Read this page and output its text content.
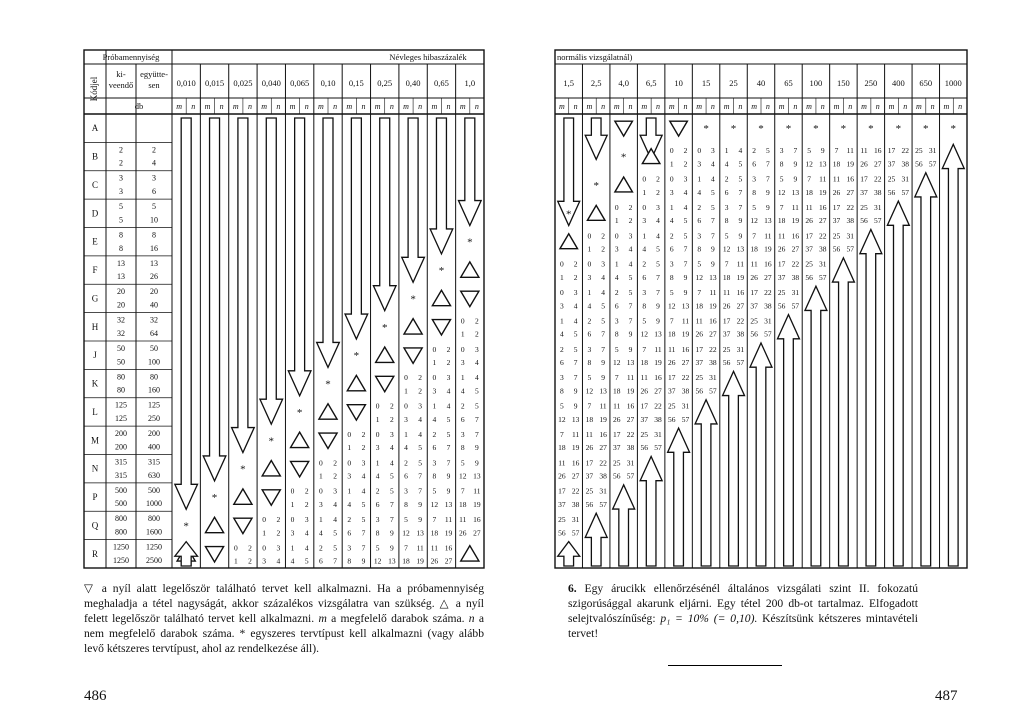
Próbamennyiség	Névleges hibaszázalék
Kódjel
ki-
veendő
együtte-
sen
db
0,010 0,015 0,025 0,040 0,065 0,10 0,15 0,25 0,40 0,65 1,0
m n m n m n m n m n m n m n m n m n m n m n
A
B
2
2
2
4
C
3
3
3
6
D
5
5
5
10
E
8
8
8
16
F
13
13
13
26
G
20
20
20
40
H
32
32
32
64
J
50
50
50
100
K
80
80
80
160
L
125
125
125
250
M
200
200
200
400
N
315
315
315
630
P
500
500
500
1000
Q
800
800
800
1600
R
1250
1250
1250
2500
*
*
*
0 2
1 2
*
0 2
1 2
0 3
3 4
*
0 2
1 2
0 3
3 4
1 4
4 5
*
0 2
1 2
0 3
3 4
1 4
4 5
2 5
6 7
*
0 2
1 2
0 3
3 4
1 4
4 5
2 5
6 7
3 7
8 9
*
0 2
1 2
0 3
3 4
1 4
4 5
2 5
6 7
3 7
8 9
5 9
12 13
*
0 2
1 2
0 3
3 4
1 4
4 5
2 5
6 7
3 7
8 9
5 9
12 13
7 11
18 19
*
0 2
1 2
0 3
3 4
1 4
4 5
2 5
6 7
3 7
8 9
5 9
12 13
7 11
18 19
11 16
26 27
*
0 2
1 2
0 3
3 4
1 4
4 5
2 5
6 7
3 7
8 9
5 9
12 13
7 11
18 19
11 16
26 27
▽ a nyíl alatt legelőször található tervet kell alkalmazni. Ha a próbamennyiség meghaladja a tétel nagyságát, akkor százalékos vizsgálatra van szükség. △ a nyíl felett legelőször található tervet kell alkalmazni. m a megfelelő darabok száma. n a nem megfelelő darabok száma. * egyszeres tervtípust kell alkalmazni (vagy alább levő kétszeres tervtípust, ahol az rendelkezése áll).
486
normális vizsgálatnál)
1,5 2,5 4,0 6,5 10 15 25 40 65 100 150 250 400 650 1000
m n m n m n m n m n m n m n m n m n m n m n m n m n m n m n
*
0 2
1 2
0 3
3 4
1 4
4 5
2 5
6 7
3 7
8 9
5 9
12 13
7 11
18 19
11 16
26 27
17 22
37 38
25 31
56 57
*
0 2
1 2
0 3
3 4
1 4
4 5
2 5
6 7
3 7
8 9
5 9
12 13
7 11
18 19
11 16
26 27
17 22
37 38
25 31
56 57
*
0 2
1 2
0 3
3 4
1 4
4 5
2 5
6 7
3 7
8 9
5 9
12 13
7 11
18 19
11 16
26 27
17 22
37 38
25 31
56 57
0 2
1 2
0 3
3 4
1 4
4 5
2 5
6 7
3 7
8 9
5 9
12 13
7 11
18 19
11 16
26 27
17 22
37 38
25 31
56 57
0 2
1 2
0 3
3 4
1 4
4 5
2 5
6 7
3 7
8 9
5 9
12 13
7 11
18 19
11 16
26 27
17 22
37 38
25 31
56 57
*
0 3
3 4
1 4
4 5
2 5
6 7
3 7
8 9
5 9
12 13
7 11
18 19
11 16
26 27
17 22
37 38
25 31
56 57
*
1 4
4 5
2 5
6 7
3 7
8 9
5 9
12 13
7 11
18 19
11 16
26 27
17 22
37 38
25 31
56 57
*
2 5
6 7
3 7
8 9
5 9
12 13
7 11
18 19
11 16
26 27
17 22
37 38
25 31
56 57
*
3 7
8 9
5 9
12 13
7 11
18 19
11 16
26 27
17 22
37 38
25 31
56 57
*
5 9
12 13
7 11
18 19
11 16
26 27
17 22
37 38
25 31
56 57
*
7 11
18 19
11 16
26 27
17 22
37 38
25 31
56 57
*
11 16
26 27
17 22
37 38
25 31
56 57
*
17 22
37 38
25 31
56 57
*
25 31
56 57
*
6. Egy árucikk ellenőrzésénél általános vizsgálati szint II. fokozatú szigorúsággal akarunk eljárni. Egy tétel 200 db-ot tartalmaz. Elfogadott selejtvalószínűség: p₁ = 10% (= 0,10). Készítsünk kétszeres mintavételi tervet!
487
